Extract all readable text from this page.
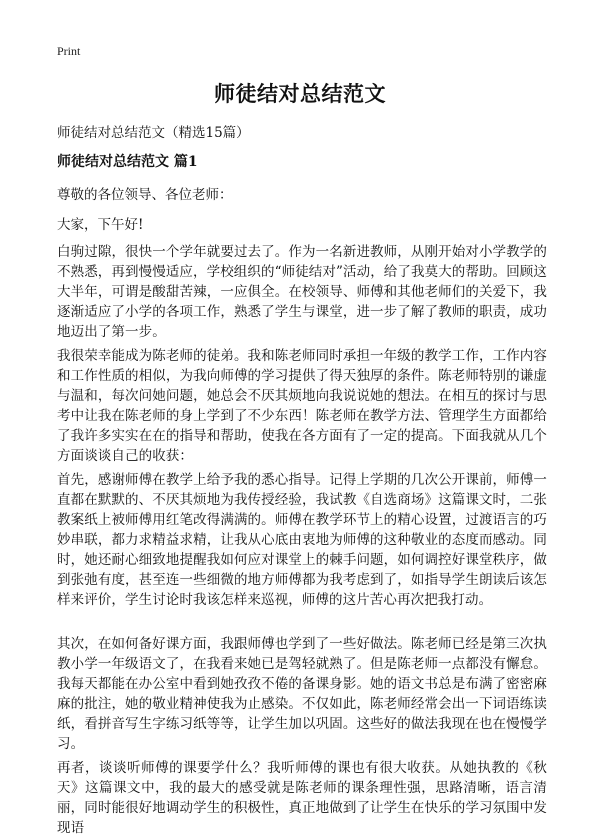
Print
师徒结对总结范文
师徒结对总结范文（精选15篇）
师徒结对总结范文 篇1
尊敬的各位领导、各位老师：
大家，下午好!
白驹过隙，很快一个学年就要过去了。作为一名新进教师，从刚开始对小学教学的不熟悉，再到慢慢适应，学校组织的“师徒结对”活动，给了我莫大的帮助。回顾这大半年，可谓是酸甜苦辣，一应俱全。在校领导、师傅和其他老师们的关爱下，我逐渐适应了小学的各项工作，熟悉了学生与课堂，进一步了解了教师的职责，成功地迈出了第一步。
我很荣幸能成为陈老师的徒弟。我和陈老师同时承担一年级的教学工作，工作内容和工作性质的相似，为我向师傅的学习提供了得天独厚的条件。陈老师特别的谦虚与温和，每次问她问题，她总会不厌其烦地向我说说她的想法。在相互的探讨与思考中让我在陈老师的身上学到了不少东西！陈老师在教学方法、管理学生方面都给了我许多实实在在的指导和帮助，使我在各方面有了一定的提高。下面我就从几个方面谈谈自己的收获：
首先，感谢师傅在教学上给予我的悉心指导。记得上学期的几次公开课前，师傅一直都在默默的、不厌其烦地为我传授经验，我试教《自选商场》这篇课文时，二张教案纸上被师傅用红笔改得满满的。师傅在教学环节上的精心设置，过渡语言的巧妙串联，都力求精益求精，让我从心底由衷地为师傅的这种敬业的态度而感动。同时，她还耐心细致地提醒我如何应对课堂上的棘手问题，如何调控好课堂秩序，做到张弛有度，甚至连一些细微的地方师傅都为我考虑到了，如指导学生朗读后该怎样来评价，学生讨论时我该怎样来巡视，师傅的这片苦心再次把我打动。
其次，在如何备好课方面，我跟师傅也学到了一些好做法。陈老师已经是第三次执教小学一年级语文了，在我看来她已是驾轻就熟了。但是陈老师一点都没有懈怠。我每天都能在办公室中看到她孜孜不倦的备课身影。她的语文书总是布满了密密麻麻的批注，她的敬业精神使我为止感染。不仅如此，陈老师经常会出一下词语练读纸，看拼音写生字练习纸等等，让学生加以巩固。这些好的做法我现在也在慢慢学习。
再者，谈谈听师傅的课要学什么？我听师傅的课也有很大收获。从她执教的《秋天》这篇课文中，我的最大的感受就是陈老师的课条理性强，思路清晰，语言清丽，同时能很好地调动学生的积极性，真正地做到了让学生在快乐的学习氛围中发现语
